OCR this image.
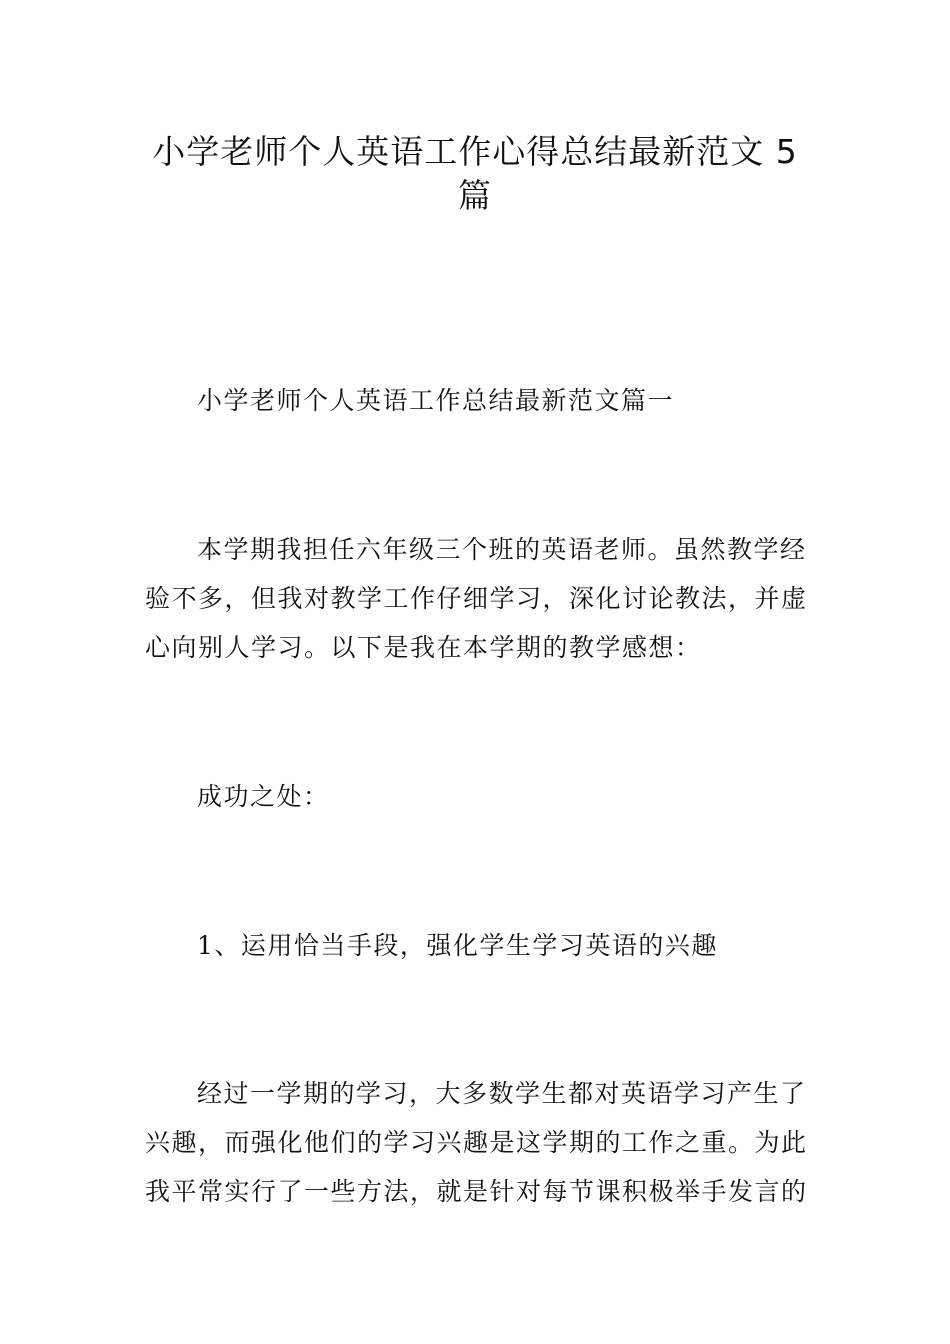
小学老师个人英语工作心得总结最新范文 5
篇
小学老师个人英语工作总结最新范文篇一
本学期我担任六年级三个班的英语老师。虽然教学经
验不多，但我对教学工作仔细学习，深化讨论教法，并虚
心向别人学习。以下是我在本学期的教学感想：
成功之处：
1、运用恰当手段，强化学生学习英语的兴趣
经过一学期的学习，大多数学生都对英语学习产生了
兴趣，而强化他们的学习兴趣是这学期的工作之重。为此
我平常实行了一些方法，就是针对每节课积极举手发言的
